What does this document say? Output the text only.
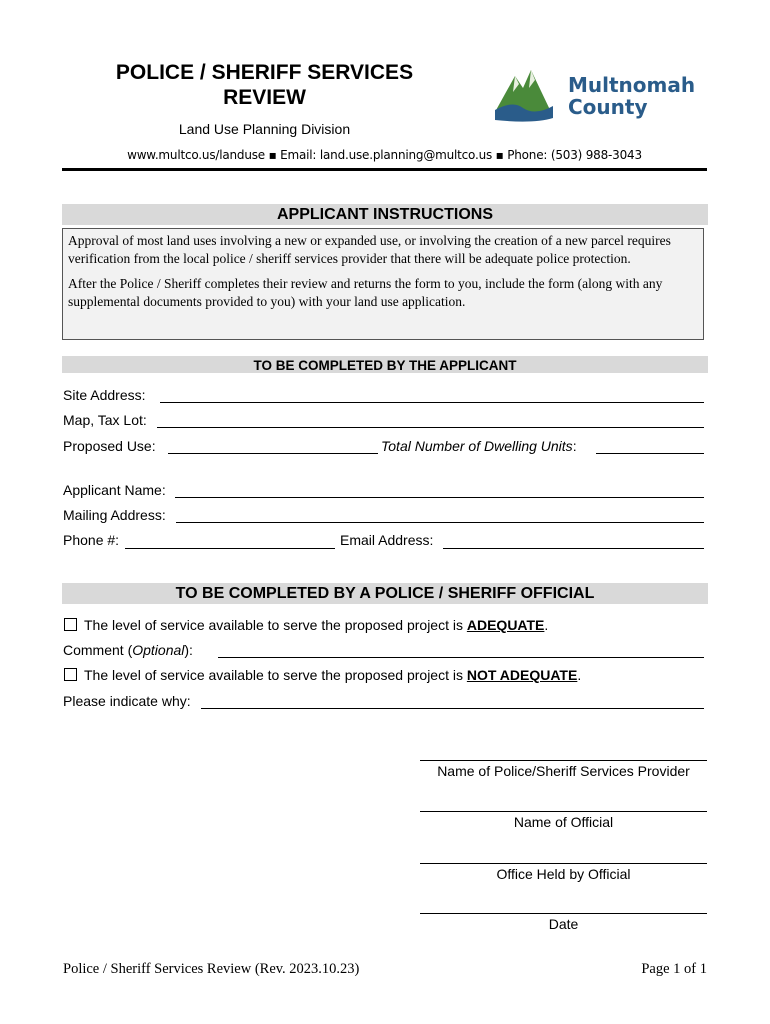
POLICE / SHERIFF SERVICES
REVIEW
Land Use Planning Division
Multnomah
County
www.multco.us/landuse ▪ Email: land.use.planning@multco.us ▪ Phone: (503) 988-3043
APPLICANT INSTRUCTIONS

Approval of most land uses involving a new or expanded use, or involving the creation of a new parcel requires verification from the local police / sheriff services provider that there will be adequate police protection.

After the Police / Sheriff completes their review and returns the form to you, include the form (along with any supplemental documents provided to you) with your land use application.

TO BE COMPLETED BY THE APPLICANT
Site Address:
Map, Tax Lot:
Proposed Use:	Total Number of Dwelling Units:
Applicant Name:
Mailing Address:
Phone #:	Email Address:
TO BE COMPLETED BY A POLICE / SHERIFF OFFICIAL
The level of service available to serve the proposed project is ADEQUATE.
Comment (Optional):
The level of service available to serve the proposed project is NOT ADEQUATE.
Please indicate why:
Name of Police/Sheriff Services Provider
Name of Official
Office Held by Official
Date
Police / Sheriff Services Review (Rev. 2023.10.23)	Page 1 of 1
